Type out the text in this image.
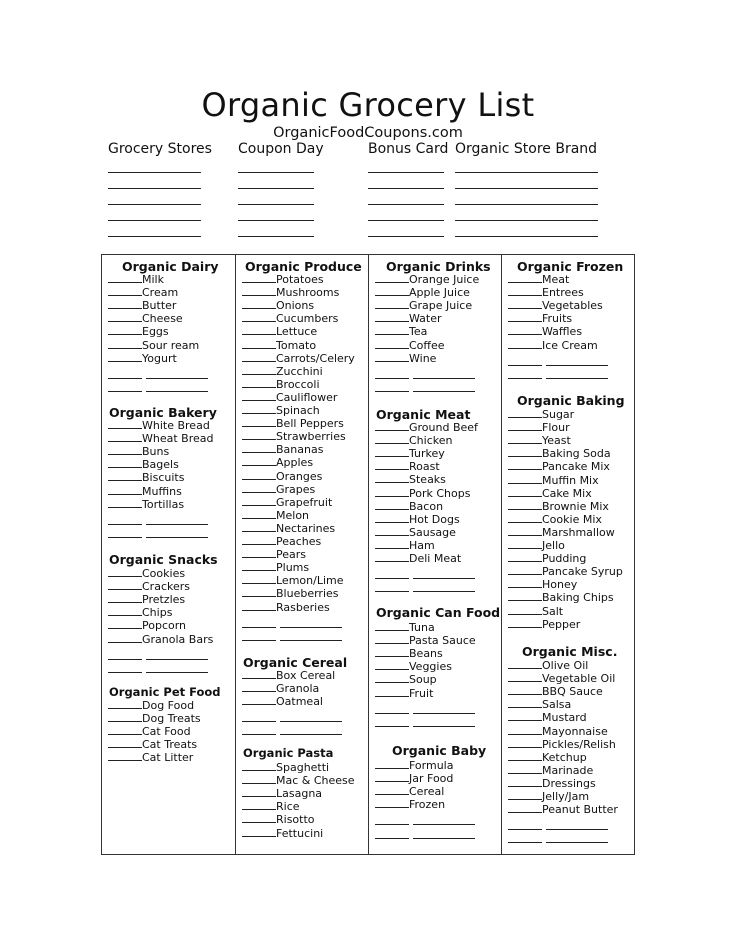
Organic Grocery List
OrganicFoodCoupons.com
Grocery Stores Coupon Day	Bonus Card Organic Store Brand
Organic Dairy
Milk
Cream
Butter
Cheese
Eggs
Sour ream
Yogurt
Organic Bakery
White Bread
Wheat Bread
Buns
Bagels
Biscuits
Muffins
Tortillas
Organic Snacks
Cookies
Crackers
Pretzles
Chips
Popcorn
Granola Bars
Organic Pet Food
Dog Food
Dog Treats
Cat Food
Cat Treats
Cat Litter
Organic Produce
Potatoes
Mushrooms
Onions
Cucumbers
Lettuce
Tomato
Carrots/Celery
Zucchini
Broccoli
Cauliflower
Spinach
Bell Peppers
Strawberries
Bananas
Apples
Oranges
Grapes
Grapefruit
Melon
Nectarines
Peaches
Pears
Plums
Lemon/Lime
Blueberries
Rasberies
Organic Cereal
Box Cereal
Granola
Oatmeal
Organic Pasta
Spaghetti
Mac & Cheese
Lasagna
Rice
Risotto
Fettucini
Organic Drinks
Orange Juice
Apple Juice
Grape Juice
Water
Tea
Coffee
Wine
Organic Meat
Ground Beef
Chicken
Turkey
Roast
Steaks
Pork Chops
Bacon
Hot Dogs
Sausage
Ham
Deli Meat
Organic Can Food
Tuna
Pasta Sauce
Beans
Veggies
Soup
Fruit
Organic Baby
Formula
Jar Food
Cereal
Frozen
Organic Frozen
Meat
Entrees
Vegetables
Fruits
Waffles
Ice Cream
Organic Baking
Sugar
Flour
Yeast
Baking Soda
Pancake Mix
Muffin Mix
Cake Mix
Brownie Mix
Cookie Mix
Marshmallow
Jello
Pudding
Pancake Syrup
Honey
Baking Chips
Salt
Pepper
Organic Misc.
Olive Oil
Vegetable Oil
BBQ Sauce
Salsa
Mustard
Mayonnaise
Pickles/Relish
Ketchup
Marinade
Dressings
Jelly/Jam
Peanut Butter
